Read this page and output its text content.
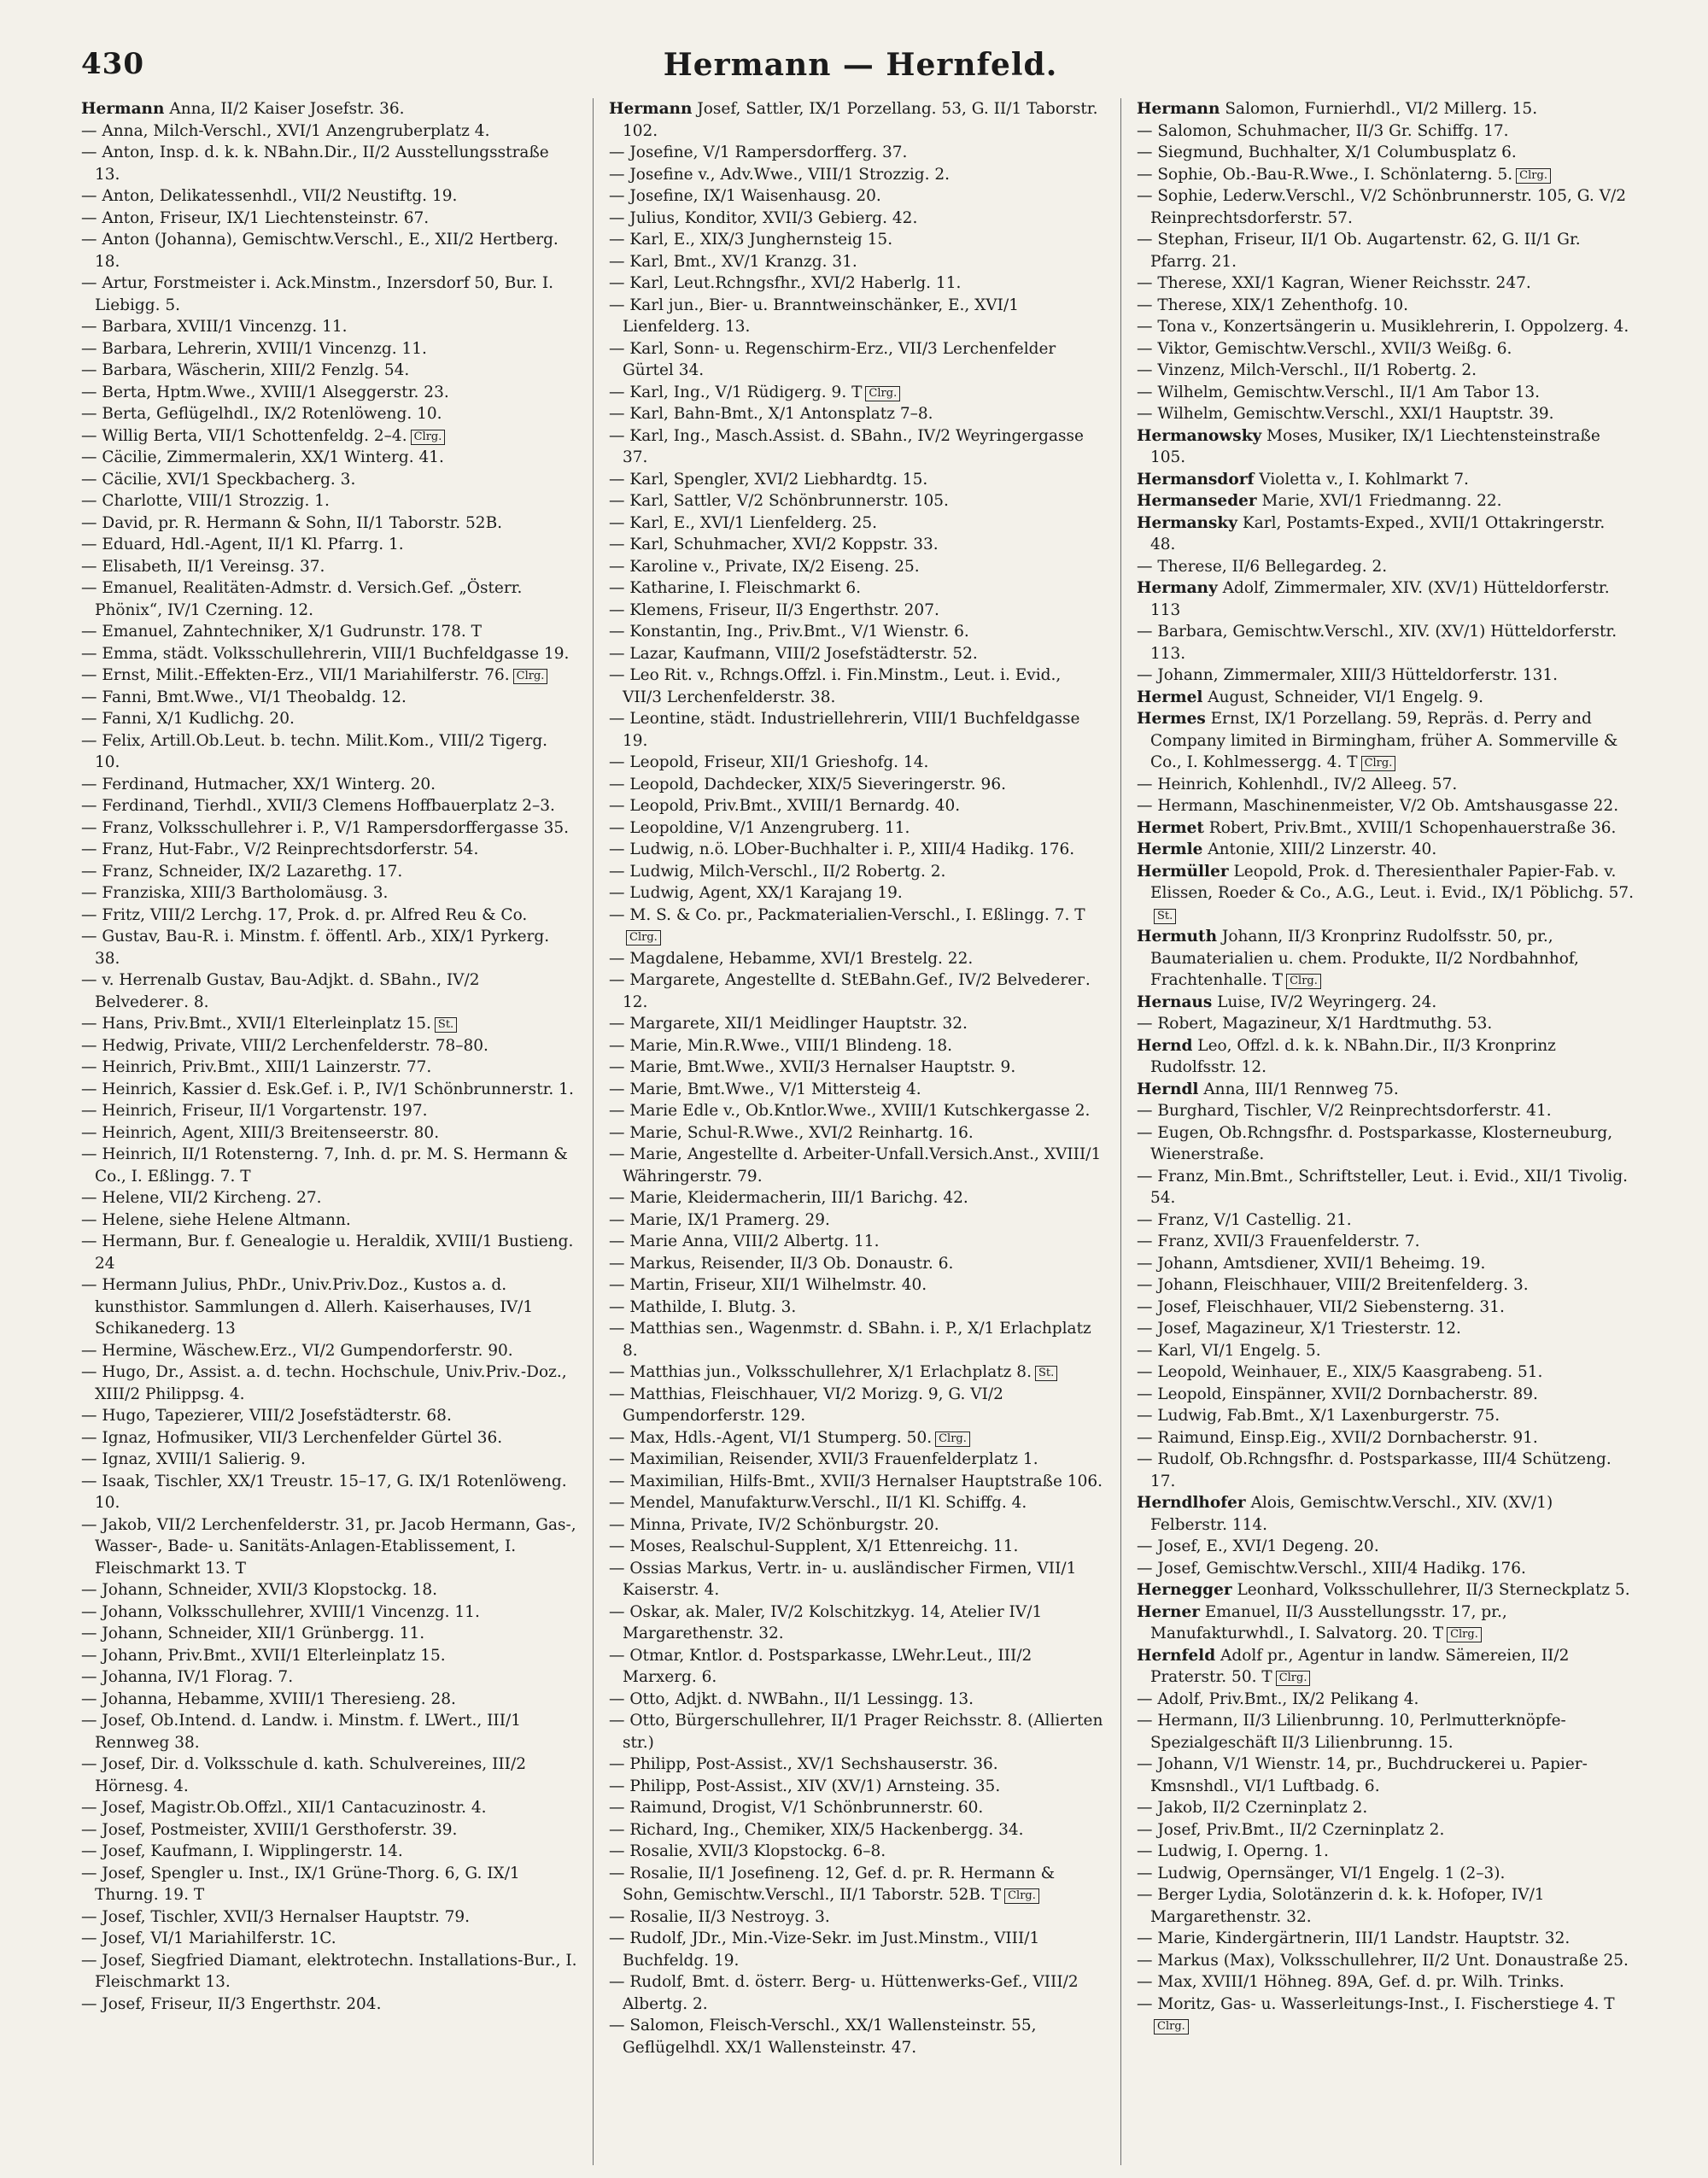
430	Hermann — Hernfeld.
Hermann Anna, II/2 Kaiser Josefstr. 36.
— Anna, Milch-Verschl., XVI/1 Anzengruberplatz 4.
— Anton, Insp. d. k. k. NBahn.Dir., II/2 Ausstellungsstraße 13.
— Anton, Delikatessenhdl., VII/2 Neustiftg. 19.
— Anton, Friseur, IX/1 Liechtensteinstr. 67.
— Anton (Johanna), Gemischtw.Verschl., E., XII/2 Hertberg. 18.
— Artur, Forstmeister i. Ack.Minstm., Inzersdorf 50, Bur. I. Liebigg. 5.
— Barbara, XVIII/1 Vincenzg. 11.
— Barbara, Lehrerin, XVIII/1 Vincenzg. 11.
— Barbara, Wäscherin, XIII/2 Fenzlg. 54.
— Berta, Hptm.Wwe., XVIII/1 Alseggerstr. 23.
— Berta, Geflügelhdl., IX/2 Rotenlöweng. 10.
— Willig Berta, VII/1 Schottenfeldg. 2–4. Clrg.
— Cäcilie, Zimmermalerin, XX/1 Winterg. 41.
— Cäcilie, XVI/1 Speckbacherg. 3.
— Charlotte, VIII/1 Strozzig. 1.
— David, pr. R. Hermann & Sohn, II/1 Taborstr. 52B.
— Eduard, Hdl.-Agent, II/1 Kl. Pfarrg. 1.
— Elisabeth, II/1 Vereinsg. 37.
— Emanuel, Realitäten-Admstr. d. Versich.Gef. „Österr. Phönix“, IV/1 Czerning. 12.
— Emanuel, Zahntechniker, X/1 Gudrunstr. 178. T
— Emma, städt. Volksschullehrerin, VIII/1 Buchfeldgasse 19.
— Ernst, Milit.-Effekten-Erz., VII/1 Mariahilferstr. 76. Clrg.
— Fanni, Bmt.Wwe., VI/1 Theobaldg. 12.
— Fanni, X/1 Kudlichg. 20.
— Felix, Artill.Ob.Leut. b. techn. Milit.Kom., VIII/2 Tigerg. 10.
— Ferdinand, Hutmacher, XX/1 Winterg. 20.
— Ferdinand, Tierhdl., XVII/3 Clemens Hoffbauerplatz 2–3.
— Franz, Volksschullehrer i. P., V/1 Rampersdorffergasse 35.
— Franz, Hut-Fabr., V/2 Reinprechtsdorferstr. 54.
— Franz, Schneider, IX/2 Lazarethg. 17.
— Franziska, XIII/3 Bartholomäusg. 3.
— Fritz, VIII/2 Lerchg. 17, Prok. d. pr. Alfred Reu & Co.
— Gustav, Bau-R. i. Minstm. f. öffentl. Arb., XIX/1 Pyrkerg. 38.
— v. Herrenalb Gustav, Bau-Adjkt. d. SBahn., IV/2 Belvederег. 8.
— Hans, Priv.Bmt., XVII/1 Elterleinplatz 15. St.
— Hedwig, Private, VIII/2 Lerchenfelderstr. 78–80.
— Heinrich, Priv.Bmt., XIII/1 Lainzerstr. 77.
— Heinrich, Kassier d. Esk.Gef. i. P., IV/1 Schönbrunnerstr. 1.
— Heinrich, Friseur, II/1 Vorgartenstr. 197.
— Heinrich, Agent, XIII/3 Breitenseerstr. 80.
— Heinrich, II/1 Rotensterng. 7, Inh. d. pr. M. S. Hermann & Co., I. Eßlingg. 7. T
— Helene, VII/2 Kircheng. 27.
— Helene, siehe Helene Altmann.
— Hermann, Bur. f. Genealogie u. Heraldik, XVIII/1 Bustieng. 24
— Hermann Julius, PhDr., Univ.Priv.Doz., Kustos a. d. kunsthistor. Sammlungen d. Allerh. Kaiserhauses, IV/1 Schikanederg. 13
— Hermine, Wäschew.Erz., VI/2 Gumpendorferstr. 90.
— Hugo, Dr., Assist. a. d. techn. Hochschule, Univ.Priv.-Doz., XIII/2 Philippsg. 4.
— Hugo, Tapezierer, VIII/2 Josefstädterstr. 68.
— Ignaz, Hofmusiker, VII/3 Lerchenfelder Gürtel 36.
— Ignaz, XVIII/1 Salierig. 9.
— Isaak, Tischler, XX/1 Treustr. 15–17, G. IX/1 Rotenlöweng. 10.
— Jakob, VII/2 Lerchenfelderstr. 31, pr. Jacob Hermann, Gas-, Wasser-, Bade- u. Sanitäts-Anlagen-Etablissement, I. Fleischmarkt 13. T
— Johann, Schneider, XVII/3 Klopstockg. 18.
— Johann, Volksschullehrer, XVIII/1 Vincenzg. 11.
— Johann, Schneider, XII/1 Grünbergg. 11.
— Johann, Priv.Bmt., XVII/1 Elterleinplatz 15.
— Johanna, IV/1 Florag. 7.
— Johanna, Hebamme, XVIII/1 Theresieng. 28.
— Josef, Ob.Intend. d. Landw. i. Minstm. f. LWert., III/1 Rennweg 38.
— Josef, Dir. d. Volksschule d. kath. Schulvereines, III/2 Hörnesg. 4.
— Josef, Magistr.Ob.Offzl., XII/1 Cantacuzinostr. 4.
— Josef, Postmeister, XVIII/1 Gersthoferstr. 39.
— Josef, Kaufmann, I. Wipplingerstr. 14.
— Josef, Spengler u. Inst., IX/1 Grüne-Thorg. 6, G. IX/1 Thurng. 19. T
— Josef, Tischler, XVII/3 Hernalser Hauptstr. 79.
— Josef, VI/1 Mariahilferstr. 1C.
— Josef, Siegfried Diamant, elektrotechn. Installations-Bur., I. Fleischmarkt 13.
— Josef, Friseur, II/3 Engerthstr. 204.
Hermann Josef, Sattler, IX/1 Porzellang. 53, G. II/1 Taborstr. 102.
— Josefine, V/1 Rampersdorfferg. 37.
— Josefine v., Adv.Wwe., VIII/1 Strozzig. 2.
— Josefine, IX/1 Waisenhausg. 20.
— Julius, Konditor, XVII/3 Gebierg. 42.
— Karl, E., XIX/3 Junghernsteig 15.
— Karl, Bmt., XV/1 Kranzg. 31.
— Karl, Leut.Rchngsfhr., XVI/2 Haberlg. 11.
— Karl jun., Bier- u. Branntweinschänker, E., XVI/1 Lienfelderg. 13.
— Karl, Sonn- u. Regenschirm-Erz., VII/3 Lerchenfelder Gürtel 34.
— Karl, Ing., V/1 Rüdigerg. 9. T Clrg.
— Karl, Bahn-Bmt., X/1 Antonsplatz 7–8.
— Karl, Ing., Masch.Assist. d. SBahn., IV/2 Weyringergasse 37.
— Karl, Spengler, XVI/2 Liebhardtg. 15.
— Karl, Sattler, V/2 Schönbrunnerstr. 105.
— Karl, E., XVI/1 Lienfelderg. 25.
— Karl, Schuhmacher, XVI/2 Koppstr. 33.
— Karoline v., Private, IX/2 Eiseng. 25.
— Katharine, I. Fleischmarkt 6.
— Klemens, Friseur, II/3 Engerthstr. 207.
— Konstantin, Ing., Priv.Bmt., V/1 Wienstr. 6.
— Lazar, Kaufmann, VIII/2 Josefstädterstr. 52.
— Leo Rit. v., Rchngs.Offzl. i. Fin.Minstm., Leut. i. Evid., VII/3 Lerchenfelderstr. 38.
— Leontine, städt. Industriellehrerin, VIII/1 Buchfeldgasse 19.
— Leopold, Friseur, XII/1 Grieshofg. 14.
— Leopold, Dachdecker, XIX/5 Sieveringerstr. 96.
— Leopold, Priv.Bmt., XVIII/1 Bernardg. 40.
— Leopoldine, V/1 Anzengruberg. 11.
— Ludwig, n.ö. LOber-Buchhalter i. P., XIII/4 Hadikg. 176.
— Ludwig, Milch-Verschl., II/2 Robertg. 2.
— Ludwig, Agent, XX/1 Karajang 19.
— M. S. & Co. pr., Packmaterialien-Verschl., I. Eßlingg. 7. TClrg.
— Magdalene, Hebamme, XVI/1 Brestelg. 22.
— Margarete, Angestellte d. StEBahn.Gef., IV/2 Belvederег. 12.
— Margarete, XII/1 Meidlinger Hauptstr. 32.
— Marie, Min.R.Wwe., VIII/1 Blindeng. 18.
— Marie, Bmt.Wwe., XVII/3 Hernalser Hauptstr. 9.
— Marie, Bmt.Wwe., V/1 Mittersteig 4.
— Marie Edle v., Ob.Kntlor.Wwe., XVIII/1 Kutschkergasse 2.
— Marie, Schul-R.Wwe., XVI/2 Reinhartg. 16.
— Marie, Angestellte d. Arbeiter-Unfall.Versich.Anst., XVIII/1 Währingerstr. 79.
— Marie, Kleidermacherin, III/1 Barichg. 42.
— Marie, IX/1 Pramerg. 29.
— Marie Anna, VIII/2 Albertg. 11.
— Markus, Reisender, II/3 Ob. Donaustr. 6.
— Martin, Friseur, XII/1 Wilhelmstr. 40.
— Mathilde, I. Blutg. 3.
— Matthias sen., Wagenmstr. d. SBahn. i. P., X/1 Erlachplatz 8.
— Matthias jun., Volksschullehrer, X/1 Erlachplatz 8. St.
— Matthias, Fleischhauer, VI/2 Morizg. 9, G. VI/2 Gumpendorferstr. 129.
— Max, Hdls.-Agent, VI/1 Stumperg. 50. Clrg.
— Maximilian, Reisender, XVII/3 Frauenfelderplatz 1.
— Maximilian, Hilfs-Bmt., XVII/3 Hernalser Hauptstraße 106.
— Mendel, Manufakturw.Verschl., II/1 Kl. Schiffg. 4.
— Minna, Private, IV/2 Schönburgstr. 20.
— Moses, Realschul-Supplent, X/1 Ettenreichg. 11.
— Ossias Markus, Vertr. in- u. ausländischer Firmen, VII/1 Kaiserstr. 4.
— Oskar, ak. Maler, IV/2 Kolschitzkyg. 14, Atelier IV/1 Margarethenstr. 32.
— Otmar, Kntlor. d. Postsparkasse, LWehr.Leut., III/2 Marxerg. 6.
— Otto, Adjkt. d. NWBahn., II/1 Lessingg. 13.
— Otto, Bürgerschullehrer, II/1 Prager Reichsstr. 8. (Allierten str.)
— Philipp, Post-Assist., XV/1 Sechshauserstr. 36.
— Philipp, Post-Assist., XIV (XV/1) Arnsteing. 35.
— Raimund, Drogist, V/1 Schönbrunnerstr. 60.
— Richard, Ing., Chemiker, XIX/5 Hackenbergg. 34.
— Rosalie, XVII/3 Klopstockg. 6–8.
— Rosalie, II/1 Josefineng. 12, Gef. d. pr. R. Hermann & Sohn, Gemischtw.Verschl., II/1 Taborstr. 52B. T Clrg.
— Rosalie, II/3 Nestroyg. 3.
— Rudolf, JDr., Min.-Vize-Sekr. im Just.Minstm., VIII/1 Buchfeldg. 19.
— Rudolf, Bmt. d. österr. Berg- u. Hüttenwerks-Gef., VIII/2 Albertg. 2.
— Salomon, Fleisch-Verschl., XX/1 Wallensteinstr. 55, Geflügelhdl. XX/1 Wallensteinstr. 47.
Hermann Salomon, Furnierhdl., VI/2 Millerg. 15.
— Salomon, Schuhmacher, II/3 Gr. Schiffg. 17.
— Siegmund, Buchhalter, X/1 Columbusplatz 6.
— Sophie, Ob.-Bau-R.Wwe., I. Schönlaterng. 5. Clrg.
— Sophie, Lederw.Verschl., V/2 Schönbrunnerstr. 105, G. V/2 Reinprechtsdorferstr. 57.
— Stephan, Friseur, II/1 Ob. Augartenstr. 62, G. II/1 Gr. Pfarrg. 21.
— Therese, XXI/1 Kagran, Wiener Reichsstr. 247.
— Therese, XIX/1 Zehenthofg. 10.
— Tona v., Konzertsängerin u. Musiklehrerin, I. Oppolzerg. 4.
— Viktor, Gemischtw.Verschl., XVII/3 Weißg. 6.
— Vinzenz, Milch-Verschl., II/1 Robertg. 2.
— Wilhelm, Gemischtw.Verschl., II/1 Am Tabor 13.
— Wilhelm, Gemischtw.Verschl., XXI/1 Hauptstr. 39.
Hermanowsky Moses, Musiker, IX/1 Liechtensteinstraße 105.
Hermansdorf Violetta v., I. Kohlmarkt 7.
Hermanseder Marie, XVI/1 Friedmanng. 22.
Hermansky Karl, Postamts-Exped., XVII/1 Ottakringerstr. 48.
— Therese, II/6 Bellegardeg. 2.
Hermany Adolf, Zimmermaler, XIV. (XV/1) Hütteldorferstr. 113
— Barbara, Gemischtw.Verschl., XIV. (XV/1) Hütteldorferstr. 113.
— Johann, Zimmermaler, XIII/3 Hütteldorferstr. 131.
Hermel August, Schneider, VI/1 Engelg. 9.
Hermes Ernst, IX/1 Porzellang. 59, Repräs. d. Perry and Company limited in Birmingham, früher A. Sommerville & Co., I. Kohlmessergg. 4. T Clrg.
— Heinrich, Kohlenhdl., IV/2 Alleeg. 57.
— Hermann, Maschinenmeister, V/2 Ob. Amtshausgasse 22.
Hermet Robert, Priv.Bmt., XVIII/1 Schopenhauerstraße 36.
Hermle Antonie, XIII/2 Linzerstr. 40.
Hermüller Leopold, Prok. d. Theresienthaler Papier-Fab. v. Elissen, Roeder & Co., A.G., Leut. i. Evid., IX/1 Pöblichg. 57.St.
Hermuth Johann, II/3 Kronprinz Rudolfsstr. 50, pr., Baumaterialien u. chem. Produkte, II/2 Nordbahnhof, Frachtenhalle. T Clrg.
Hernaus Luise, IV/2 Weyringerg. 24.
— Robert, Magazineur, X/1 Hardtmuthg. 53.
Hernd Leo, Offzl. d. k. k. NBahn.Dir., II/3 Kronprinz Rudolfsstr. 12.
Herndl Anna, III/1 Rennweg 75.
— Burghard, Tischler, V/2 Reinprechtsdorferstr. 41.
— Eugen, Ob.Rchngsfhr. d. Postsparkasse, Klosterneuburg, Wienerstraße.
— Franz, Min.Bmt., Schriftsteller, Leut. i. Evid., XII/1 Tivolig. 54.
— Franz, V/1 Castellig. 21.
— Franz, XVII/3 Frauenfelderstr. 7.
— Johann, Amtsdiener, XVII/1 Beheimg. 19.
— Johann, Fleischhauer, VIII/2 Breitenfelderg. 3.
— Josef, Fleischhauer, VII/2 Siebensterng. 31.
— Josef, Magazineur, X/1 Triesterstr. 12.
— Karl, VI/1 Engelg. 5.
— Leopold, Weinhauer, E., XIX/5 Kaasgrabeng. 51.
— Leopold, Einspänner, XVII/2 Dornbacherstr. 89.
— Ludwig, Fab.Bmt., X/1 Laxenburgerstr. 75.
— Raimund, Einsp.Eig., XVII/2 Dornbacherstr. 91.
— Rudolf, Ob.Rchngsfhr. d. Postsparkasse, III/4 Schützeng. 17.
Herndlhofer Alois, Gemischtw.Verschl., XIV. (XV/1) Felberstr. 114.
— Josef, E., XVI/1 Degeng. 20.
— Josef, Gemischtw.Verschl., XIII/4 Hadikg. 176.
Herneggеr Leonhard, Volksschullehrer, II/3 Sterneckplatz 5.
Herner Emanuel, II/3 Ausstellungsstr. 17, pr., Manufakturwhdl., I. Salvatorg. 20. T Clrg.
Hernfeld Adolf pr., Agentur in landw. Sämereien, II/2 Praterstr. 50. T Clrg.
— Adolf, Priv.Bmt., IX/2 Pelikang 4.
— Hermann, II/3 Lilienbrunng. 10, Perlmutterknöpfe-Spezialgeschäft II/3 Lilienbrunng. 15.
— Johann, V/1 Wienstr. 14, pr., Buchdruckerei u. Papier-Kmsnshdl., VI/1 Luftbadg. 6.
— Jakob, II/2 Czerninplatz 2.
— Josef, Priv.Bmt., II/2 Czerninplatz 2.
— Ludwig, I. Operng. 1.
— Ludwig, Opernsänger, VI/1 Engelg. 1 (2–3).
— Berger Lydia, Solotänzerin d. k. k. Hofoper, IV/1 Margarethenstr. 32.
— Marie, Kindergärtnerin, III/1 Landstr. Hauptstr. 32.
— Markus (Max), Volksschullehrer, II/2 Unt. Donaustraße 25.
— Max, XVIII/1 Höhneg. 89A, Gef. d. pr. Wilh. Trinks.
— Moritz, Gas- u. Wasserleitungs-Inst., I. Fischerstiege 4. TClrg.
